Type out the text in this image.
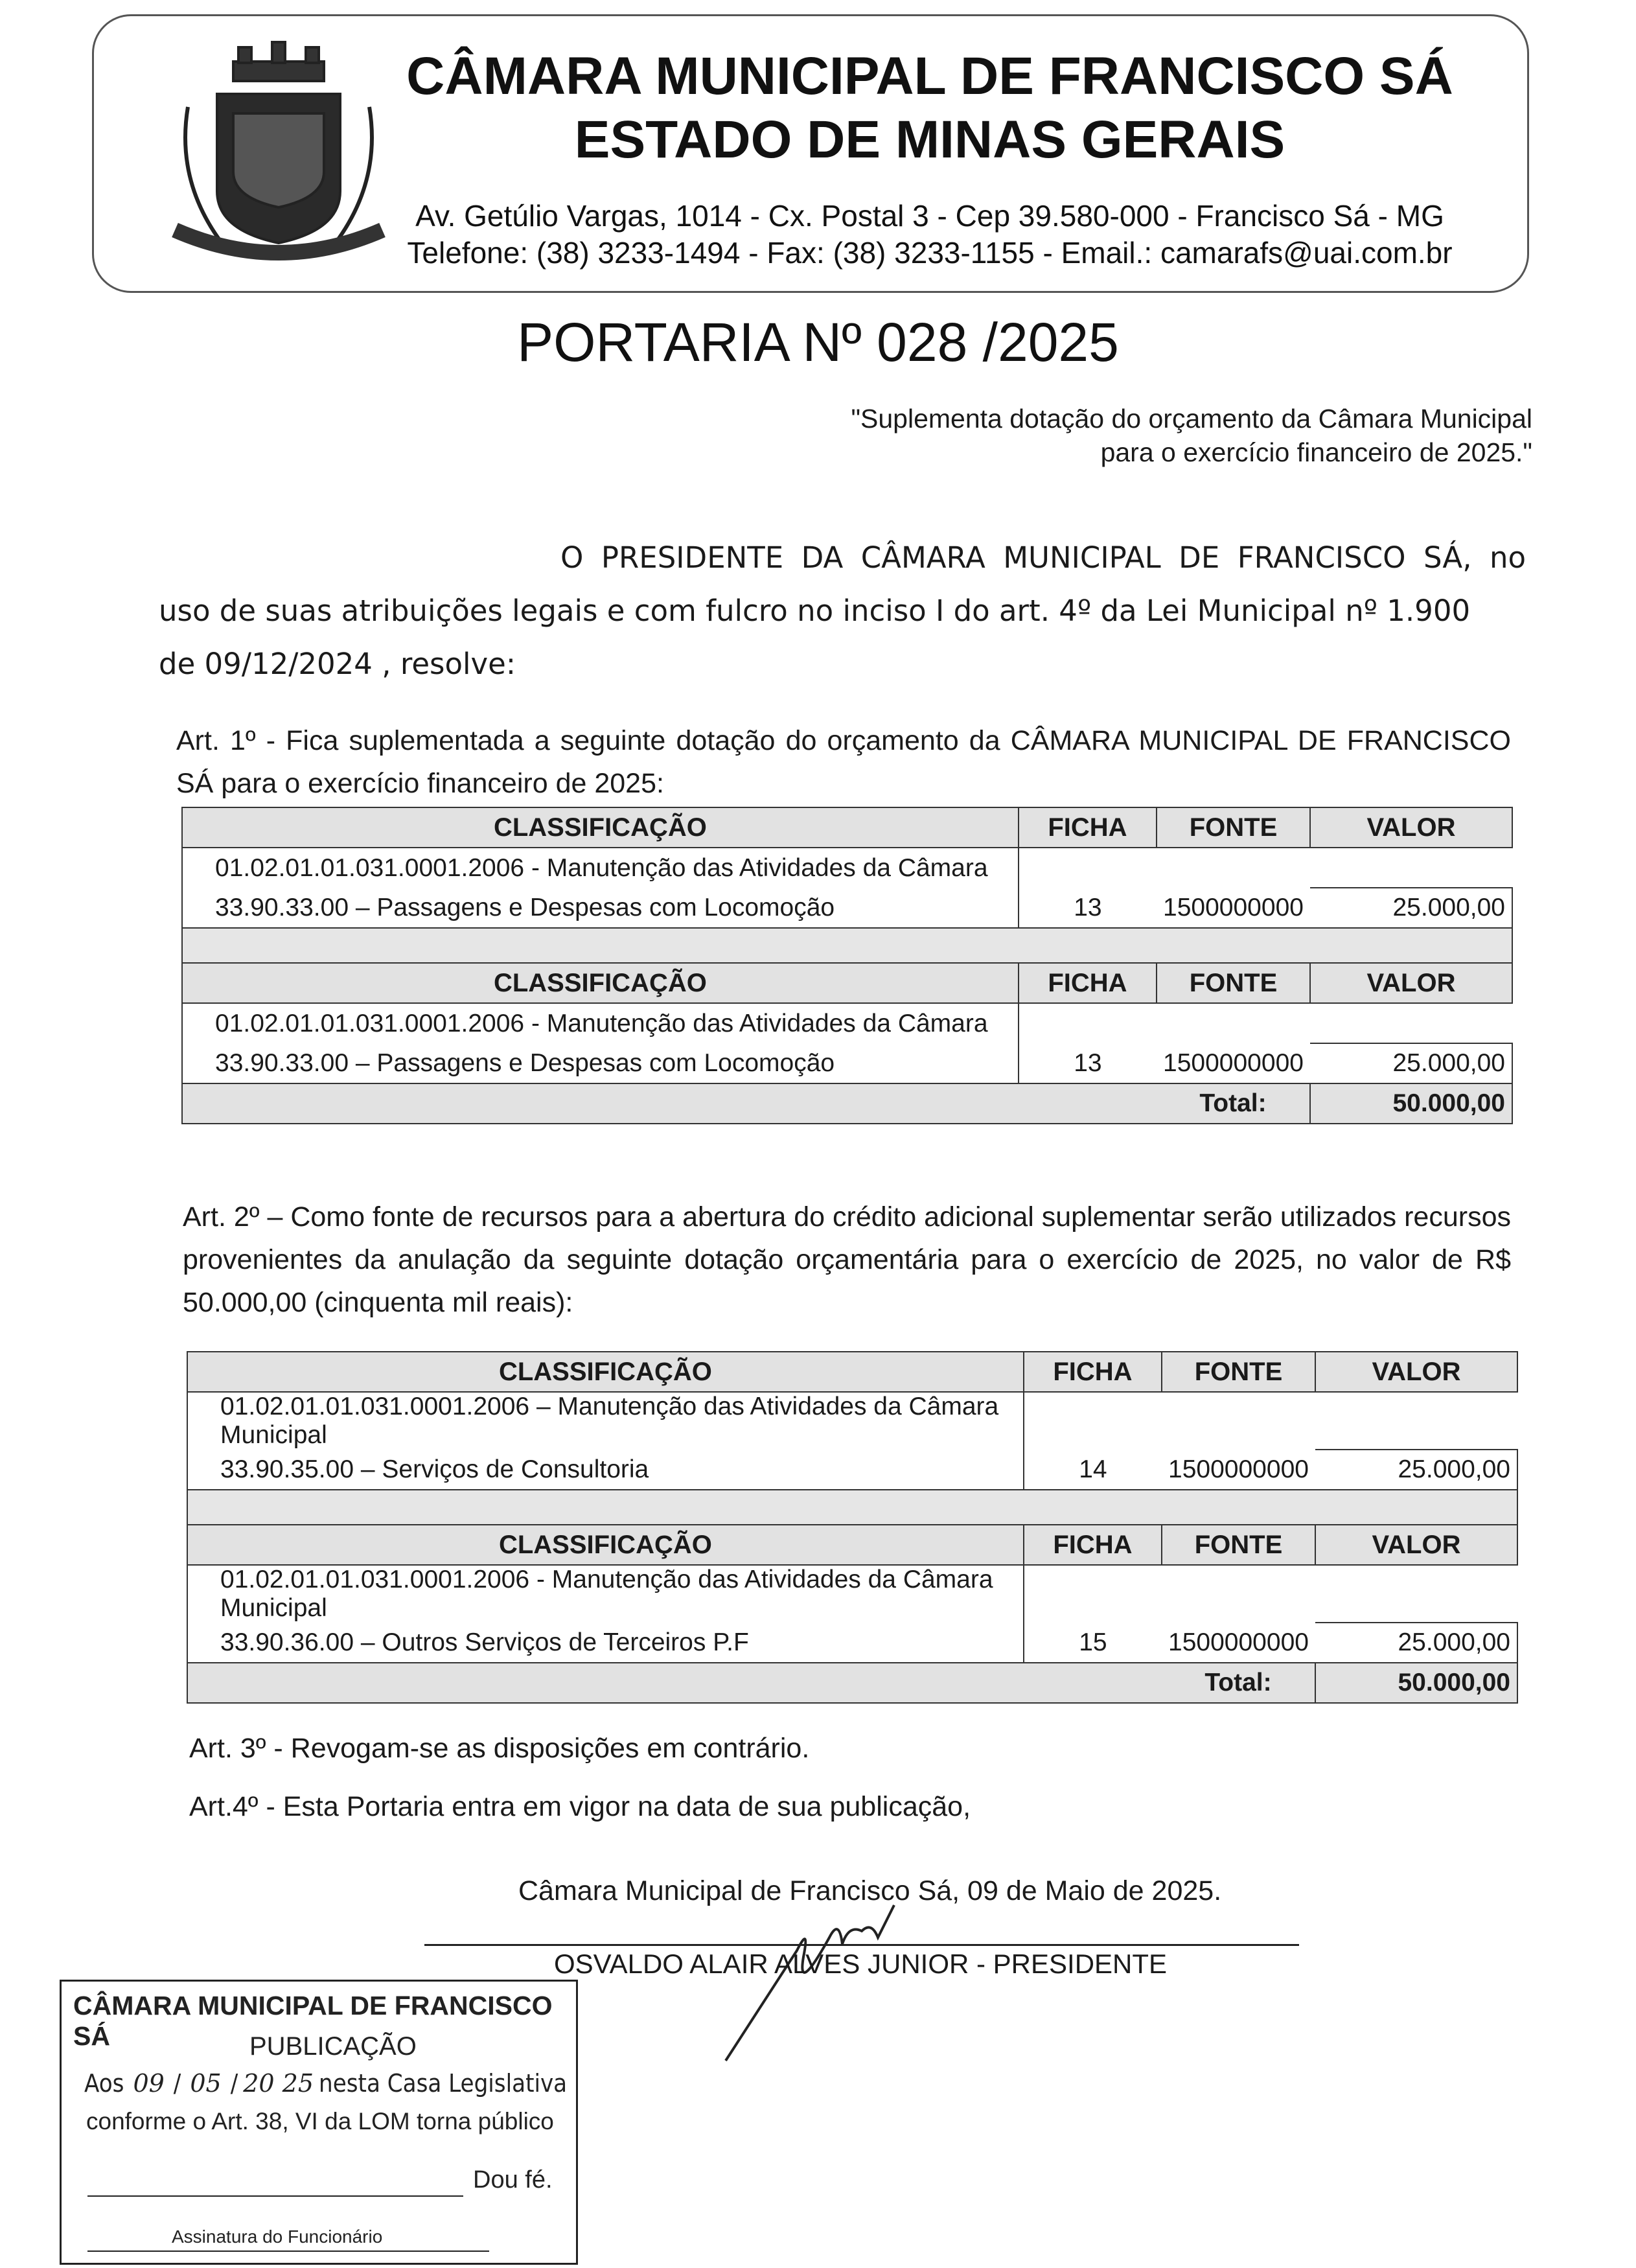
CÂMARA MUNICIPAL DE FRANCISCO SÁ
ESTADO DE MINAS GERAIS
Av. Getúlio Vargas, 1014 - Cx. Postal 3 - Cep 39.580-000 - Francisco Sá - MG
Telefone: (38) 3233-1494 - Fax: (38) 3233-1155 - Email.: camarafs@uai.com.br
PORTARIA Nº 028 /2025
"Suplementa dotação do orçamento da Câmara Municipal
para o exercício financeiro de 2025."
O PRESIDENTE DA CÂMARA MUNICIPAL DE FRANCISCO SÁ, no
uso de suas atribuições legais e com fulcro no inciso I do art. 4º da Lei Municipal nº 1.900
de 09/12/2024 , resolve:
Art. 1º - Fica suplementada a seguinte dotação do orçamento da CÂMARA MUNICIPAL DE FRANCISCO SÁ para o exercício financeiro de 2025:
CLASSIFICAÇÃO	FICHA	FONTE	VALOR
01.02.01.01.031.0001.2006 - Manutenção das Atividades da Câmara			
33.90.33.00 – Passagens e Despesas com Locomoção	13	1500000000	25.000,00

CLASSIFICAÇÃO	FICHA	FONTE	VALOR
01.02.01.01.031.0001.2006 - Manutenção das Atividades da Câmara			
33.90.33.00 – Passagens e Despesas com Locomoção	13	1500000000	25.000,00
		Total:	50.000,00
Art. 2º – Como fonte de recursos para a abertura do crédito adicional suplementar serão utilizados recursos provenientes da anulação da seguinte dotação orçamentária para o exercício de 2025, no valor de R$ 50.000,00 (cinquenta mil reais):
CLASSIFICAÇÃO	FICHA	FONTE	VALOR
01.02.01.01.031.0001.2006 – Manutenção das Atividades da Câmara Municipal			
33.90.35.00 – Serviços de Consultoria	14	1500000000	25.000,00

CLASSIFICAÇÃO	FICHA	FONTE	VALOR
01.02.01.01.031.0001.2006 - Manutenção das Atividades da Câmara Municipal			
33.90.36.00 – Outros Serviços de Terceiros P.F	15	1500000000	25.000,00
		Total:	50.000,00
Art. 3º - Revogam-se as disposições em contrário.
Art.4º - Esta Portaria entra em vigor na data de sua publicação,
Câmara Municipal de Francisco Sá, 09 de Maio de 2025.
OSVALDO ALAIR ALVES JUNIOR - PRESIDENTE
CÂMARA MUNICIPAL DE FRANCISCO SÁ	PUBLICAÇÃO
Aos 09 / 05 / 20 25 nesta Casa Legislativa
conforme o Art. 38, VI da LOM torna público
Dou fé.
Assinatura do Funcionário
